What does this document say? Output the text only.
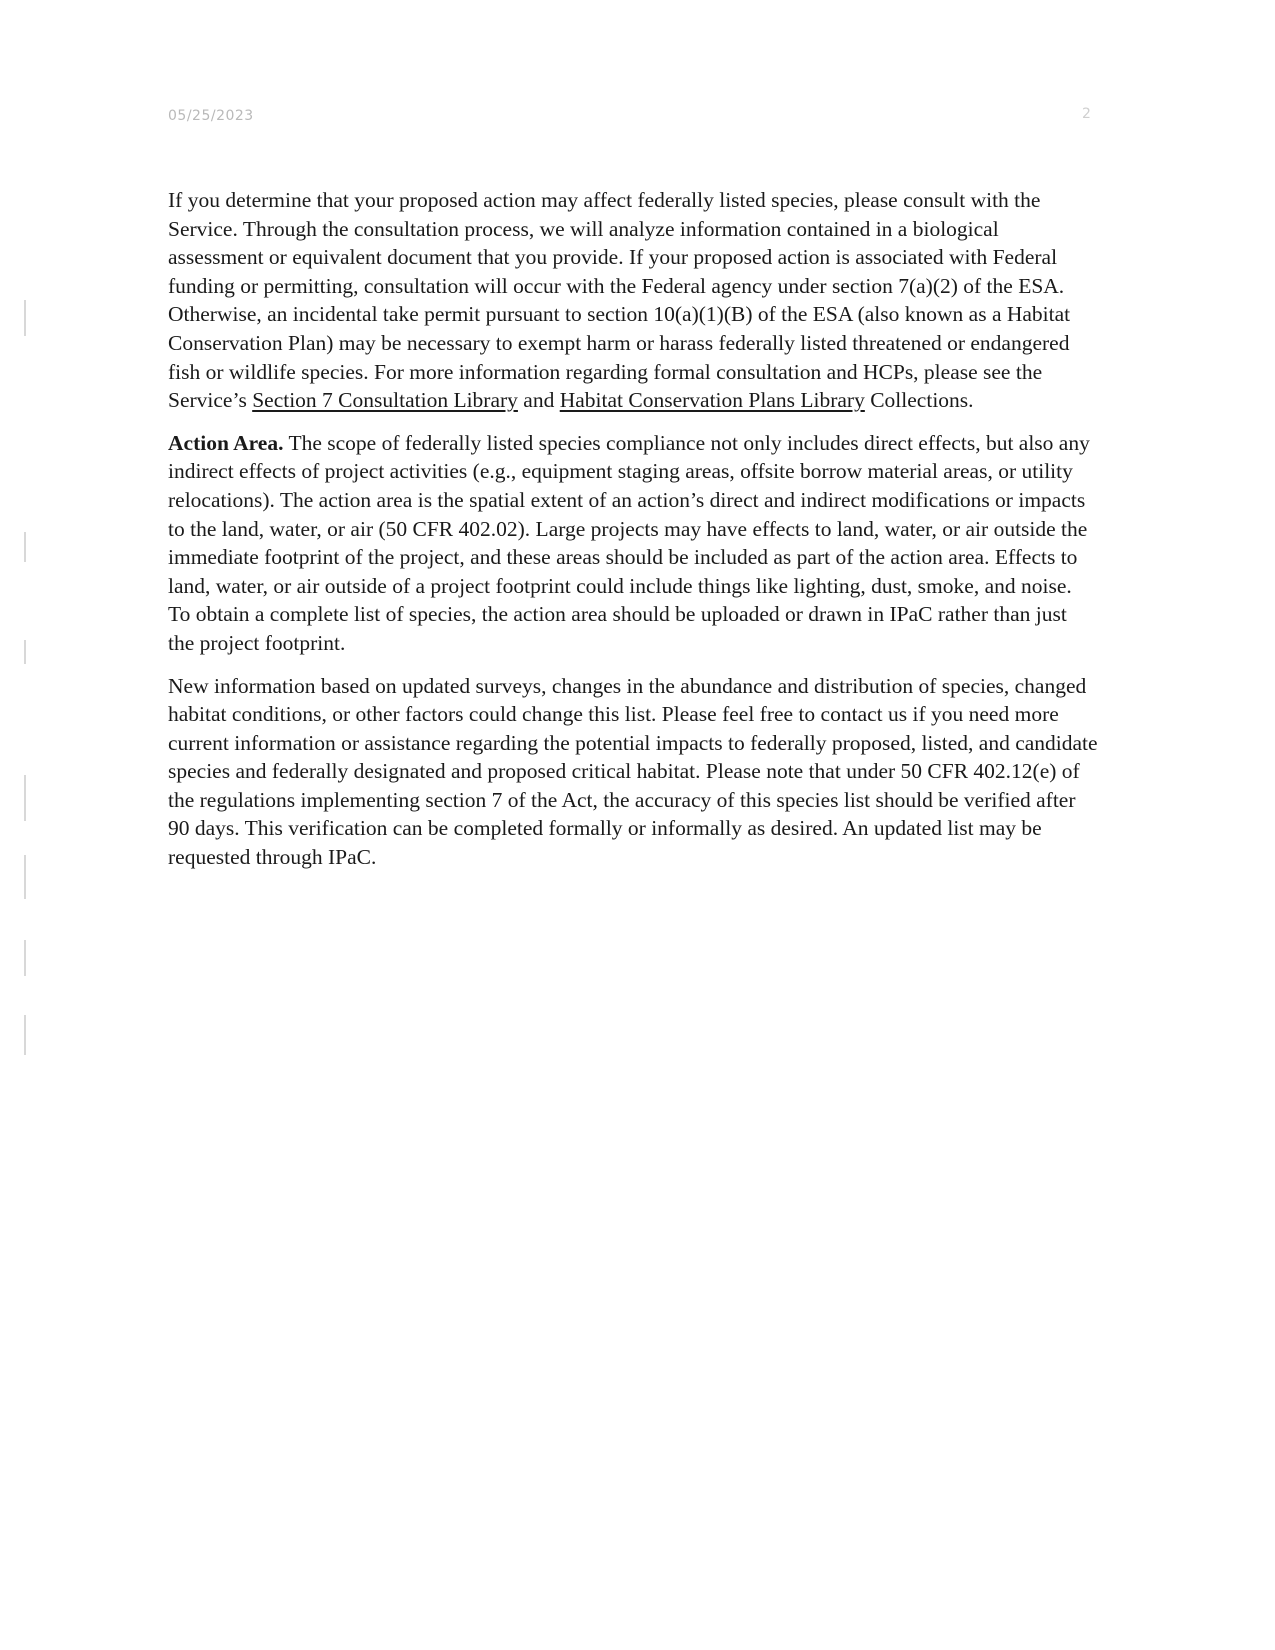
05/25/2023	2

If you determine that your proposed action may affect federally listed species, please consult with the Service. Through the consultation process, we will analyze information contained in a biological assessment or equivalent document that you provide. If your proposed action is associated with Federal funding or permitting, consultation will occur with the Federal agency under section 7(a)(2) of the ESA. Otherwise, an incidental take permit pursuant to section 10(a)(1)(B) of the ESA (also known as a Habitat Conservation Plan) may be necessary to exempt harm or harass federally listed threatened or endangered fish or wildlife species. For more information regarding formal consultation and HCPs, please see the Service’s Section 7 Consultation Library and Habitat Conservation Plans Library Collections.

Action Area. The scope of federally listed species compliance not only includes direct effects, but also any indirect effects of project activities (e.g., equipment staging areas, offsite borrow material areas, or utility relocations). The action area is the spatial extent of an action’s direct and indirect modifications or impacts to the land, water, or air (50 CFR 402.02). Large projects may have effects to land, water, or air outside the immediate footprint of the project, and these areas should be included as part of the action area. Effects to land, water, or air outside of a project footprint could include things like lighting, dust, smoke, and noise. To obtain a complete list of species, the action area should be uploaded or drawn in IPaC rather than just the project footprint.

New information based on updated surveys, changes in the abundance and distribution of species, changed habitat conditions, or other factors could change this list. Please feel free to contact us if you need more current information or assistance regarding the potential impacts to federally proposed, listed, and candidate species and federally designated and proposed critical habitat. Please note that under 50 CFR 402.12(e) of the regulations implementing section 7 of the Act, the accuracy of this species list should be verified after 90 days. This verification can be completed formally or informally as desired. An updated list may be requested through IPaC.
